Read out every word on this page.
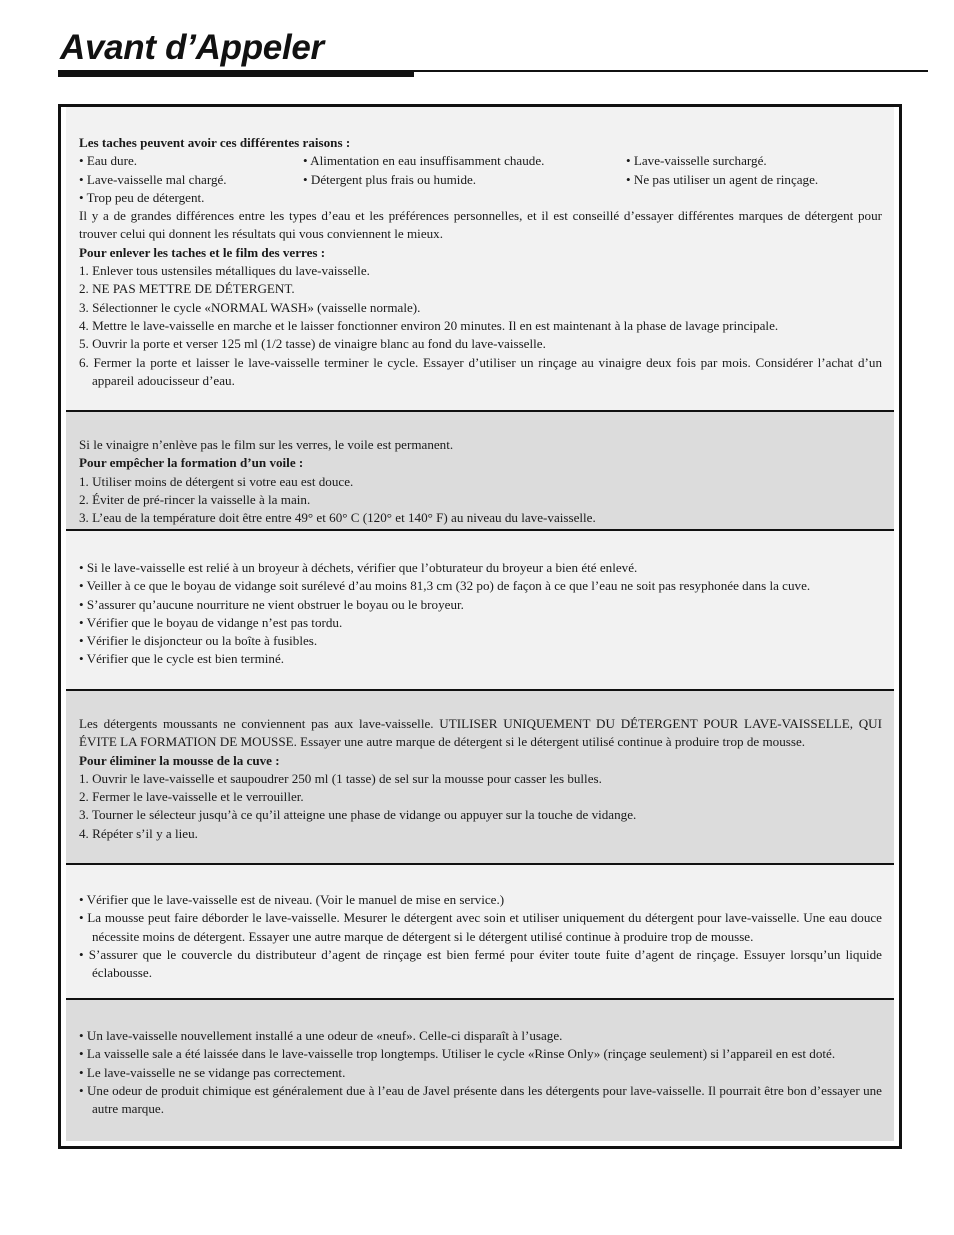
Avant d’Appeler

Les taches peuvent avoir ces différentes raisons :

• Eau dure.	• Alimentation en eau insuffisamment chaude.	• Lave-vaisselle surchargé.
• Lave-vaisselle mal chargé.	• Détergent plus frais ou humide.	• Ne pas utiliser un agent de rinçage.
• Trop peu de détergent.

Il y a de grandes différences entre les types d’eau et les préférences personnelles, et il est conseillé d’essayer différentes marques de détergent pour trouver celui qui donnent les résultats qui vous conviennent le mieux.

Pour enlever les taches et le film des verres :

1. Enlever tous ustensiles métalliques du lave-vaisselle.

2. NE PAS METTRE DE DÉTERGENT.

3. Sélectionner le cycle «NORMAL WASH» (vaisselle normale).

4. Mettre le lave-vaisselle en marche et le laisser fonctionner environ 20 minutes. Il en est maintenant à la phase de lavage principale.

5. Ouvrir la porte et verser 125 ml (1/2 tasse) de vinaigre blanc au fond du lave-vaisselle.

6. Fermer la porte et laisser le lave-vaisselle terminer le cycle. Essayer d’utiliser un rinçage au vinaigre deux fois par mois. Considérer l’achat d’un appareil adoucisseur d’eau.

Si le vinaigre n’enlève pas le film sur les verres, le voile est permanent.

Pour empêcher la formation d’un voile :

1. Utiliser moins de détergent si votre eau est douce.

2. Éviter de pré-rincer la vaisselle à la main.

3. L’eau de la température doit être entre 49° et 60° C (120° et 140° F) au niveau du lave-vaisselle.

• Si le lave-vaisselle est relié à un broyeur à déchets, vérifier que l’obturateur du broyeur a bien été enlevé.

• Veiller à ce que le boyau de vidange soit surélevé d’au moins 81,3 cm (32 po) de façon à ce que l’eau ne soit pas resyphonée dans la cuve.

• S’assurer qu’aucune nourriture ne vient obstruer le boyau ou le broyeur.

• Vérifier que le boyau de vidange n’est pas tordu.

• Vérifier le disjoncteur ou la boîte à fusibles.

• Vérifier que le cycle est bien terminé.

Les détergents moussants ne conviennent pas aux lave-vaisselle. UTILISER UNIQUEMENT DU DÉTERGENT POUR LAVE-VAISSELLE, QUI ÉVITE LA FORMATION DE MOUSSE. Essayer une autre marque de détergent si le détergent utilisé continue à produire trop de mousse.

Pour éliminer la mousse de la cuve :

1. Ouvrir le lave-vaisselle et saupoudrer 250 ml (1 tasse) de sel sur la mousse pour casser les bulles.

2. Fermer le lave-vaisselle et le verrouiller.

3. Tourner le sélecteur jusqu’à ce qu’il atteigne une phase de vidange ou appuyer sur la touche de vidange.

4. Répéter s’il y a lieu.

• Vérifier que le lave-vaisselle est de niveau. (Voir le manuel de mise en service.)

• La mousse peut faire déborder le lave-vaisselle. Mesurer le détergent avec soin et utiliser uniquement du détergent pour lave-vaisselle. Une eau douce nécessite moins de détergent. Essayer une autre marque de détergent si le détergent utilisé continue à produire trop de mousse.

• S’assurer que le couvercle du distributeur d’agent de rinçage est bien fermé pour éviter toute fuite d’agent de rinçage. Essuyer lorsqu’un liquide éclabousse.

• Un lave-vaisselle nouvellement installé a une odeur de «neuf». Celle-ci disparaît à l’usage.

• La vaisselle sale a été laissée dans le lave-vaisselle trop longtemps. Utiliser le cycle «Rinse Only» (rinçage seulement) si l’appareil en est doté.

• Le lave-vaisselle ne se vidange pas correctement.

• Une odeur de produit chimique est généralement due à l’eau de Javel présente dans les détergents pour lave-vaisselle. Il pourrait être bon d’essayer une autre marque.
